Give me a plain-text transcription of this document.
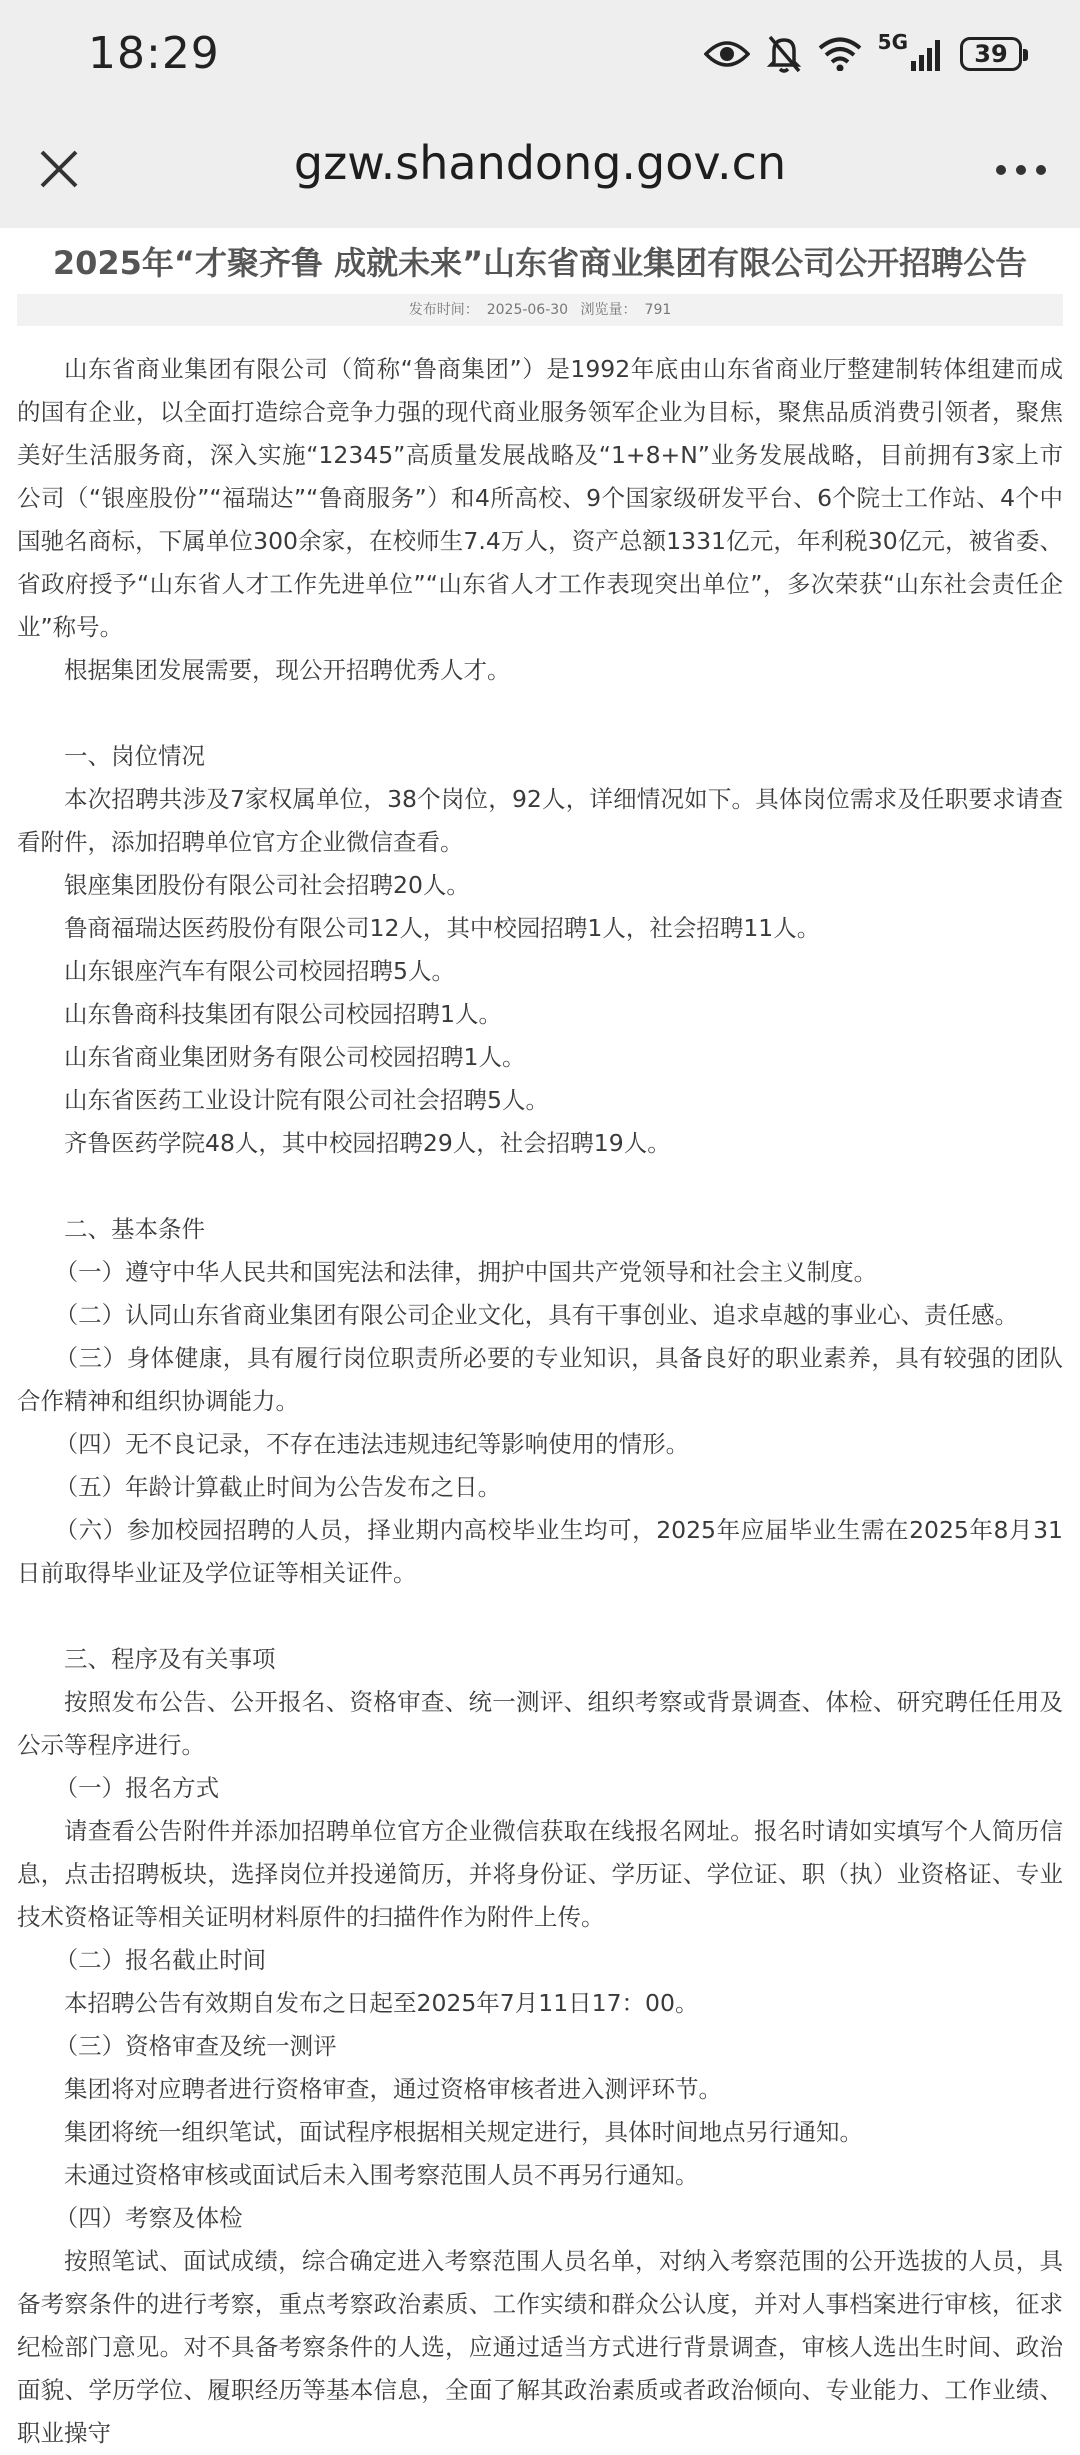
18:29	5G	39
gzw.shandong.gov.cn
2025年“才聚齐鲁 成就未来”山东省商业集团有限公司公开招聘公告
发布时间： 2025-06-30 浏览量： 791

山东省商业集团有限公司（简称“鲁商集团”）是1992年底由山东省商业厅整建制转体组建而成的国有企业，以全面打造综合竞争力强的现代商业服务领军企业为目标，聚焦品质消费引领者，聚焦美好生活服务商，深入实施“12345”高质量发展战略及“1+8+N”业务发展战略，目前拥有3家上市公司（“银座股份”“福瑞达”“鲁商服务”）和4所高校、9个国家级研发平台、6个院士工作站、4个中国驰名商标，下属单位300余家，在校师生7.4万人，资产总额1331亿元，年利税30亿元，被省委、省政府授予“山东省人才工作先进单位”“山东省人才工作表现突出单位”，多次荣获“山东社会责任企业”称号。

根据集团发展需要，现公开招聘优秀人才。

一、岗位情况

本次招聘共涉及7家权属单位，38个岗位，92人，详细情况如下。具体岗位需求及任职要求请查看附件，添加招聘单位官方企业微信查看。

银座集团股份有限公司社会招聘20人。

鲁商福瑞达医药股份有限公司12人，其中校园招聘1人，社会招聘11人。

山东银座汽车有限公司校园招聘5人。

山东鲁商科技集团有限公司校园招聘1人。

山东省商业集团财务有限公司校园招聘1人。

山东省医药工业设计院有限公司社会招聘5人。

齐鲁医药学院48人，其中校园招聘29人，社会招聘19人。

二、基本条件

（一）遵守中华人民共和国宪法和法律，拥护中国共产党领导和社会主义制度。

（二）认同山东省商业集团有限公司企业文化，具有干事创业、追求卓越的事业心、责任感。

（三）身体健康，具有履行岗位职责所必要的专业知识，具备良好的职业素养，具有较强的团队合作精神和组织协调能力。

（四）无不良记录，不存在违法违规违纪等影响使用的情形。

（五）年龄计算截止时间为公告发布之日。

（六）参加校园招聘的人员，择业期内高校毕业生均可，2025年应届毕业生需在2025年8月31日前取得毕业证及学位证等相关证件。

三、程序及有关事项

按照发布公告、公开报名、资格审查、统一测评、组织考察或背景调查、体检、研究聘任任用及公示等程序进行。

（一）报名方式

请查看公告附件并添加招聘单位官方企业微信获取在线报名网址。报名时请如实填写个人简历信息，点击招聘板块，选择岗位并投递简历，并将身份证、学历证、学位证、职（执）业资格证、专业技术资格证等相关证明材料原件的扫描件作为附件上传。

（二）报名截止时间

本招聘公告有效期自发布之日起至2025年7月11日17：00。

（三）资格审查及统一测评

集团将对应聘者进行资格审查，通过资格审核者进入测评环节。

集团将统一组织笔试，面试程序根据相关规定进行，具体时间地点另行通知。

未通过资格审核或面试后未入围考察范围人员不再另行通知。

（四）考察及体检

按照笔试、面试成绩，综合确定进入考察范围人员名单，对纳入考察范围的公开选拔的人员，具备考察条件的进行考察，重点考察政治素质、工作实绩和群众公认度，并对人事档案进行审核，征求纪检部门意见。对不具备考察条件的人选，应通过适当方式进行背景调查，审核人选出生时间、政治面貌、学历学位、履职经历等基本信息，全面了解其政治素质或者政治倾向、专业能力、工作业绩、职业操守
